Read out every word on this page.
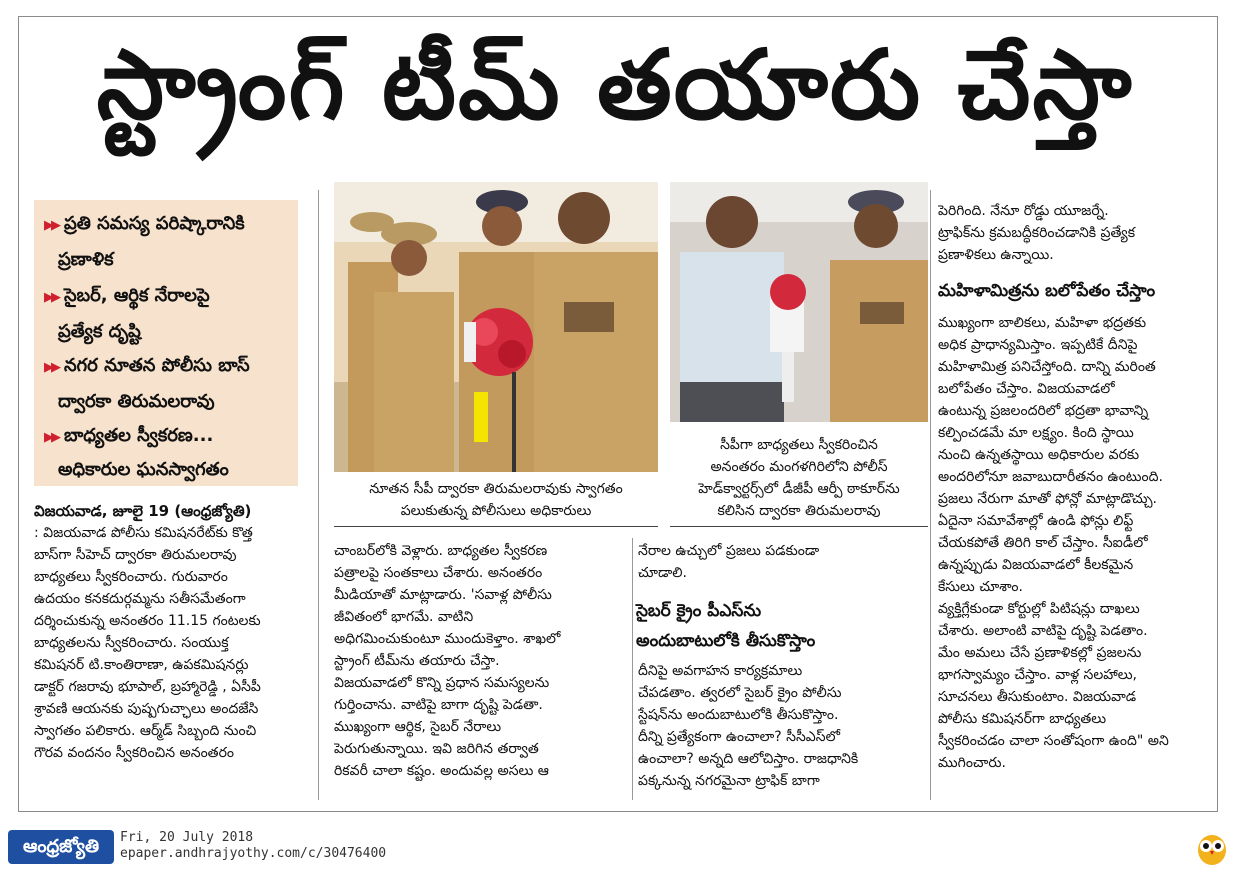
స్ట్రాంగ్ టీమ్ తయారు చేస్తా
▶▶ ప్రతి సమస్య పరిష్కారానికి
ప్రణాళిక
▶▶ సైబర్, ఆర్థిక నేరాలపై
ప్రత్యేక దృష్టి
▶▶ నగర నూతన పోలీసు బాస్
ద్వారకా తిరుమలరావు
▶▶ బాధ్యతల స్వీకరణ...
అధికారుల ఘనస్వాగతం
విజయవాడ, జూలై 19 (ఆంధ్రజ్యోతి)
: విజయవాడ పోలీసు కమిషనరేట్‌కు కొత్త
బాస్‌గా సీహెచ్ ద్వారకా తిరుమలరావు
బాధ్యతలు స్వీకరించారు. గురువారం
ఉదయం కనకదుర్గమ్మను సతీసమేతంగా
దర్శించుకున్న అనంతరం 11.15 గంటలకు
బాధ్యతలను స్వీకరించారు. సంయుక్త
కమిషనర్ టి.కాంతిరాణా, ఉపకమిషనర్లు
డాక్టర్ గజరావు భూపాల్, బ్రహ్మారెడ్డి , ఏసీపీ
శ్రావణి ఆయనకు పుష్పగుచ్ఛాలు అందజేసి
స్వాగతం పలికారు. ఆర్మ్‌డ్ సిబ్బంది నుంచి
గౌరవ వందనం స్వీకరించిన అనంతరం
నూతన సీపీ ద్వారకా తిరుమలరావుకు స్వాగతం
పలుకుతున్న పోలీసులు అధికారులు
సీపీగా బాధ్యతలు స్వీకరించిన
అనంతరం మంగళగిరిలోని పోలీస్
హెడ్‌క్వార్టర్స్‌లో డీజీపీ ఆర్పీ ఠాకూర్‌ను
కలిసిన ద్వారకా తిరుమలరావు
చాంబర్‌లోకి వెళ్లారు. బాధ్యతల స్వీకరణ
పత్రాలపై సంతకాలు చేశారు. అనంతరం
మీడియాతో మాట్లాడారు. 'సవాళ్ల పోలీసు
జీవితంలో భాగమే. వాటిని
అధిగమించుకుంటూ ముందుకెళ్తాం. శాఖలో
స్ట్రాంగ్ టీమ్‌ను తయారు చేస్తా.
విజయవాడలో కొన్ని ప్రధాన సమస్యలను
గుర్తించాను. వాటిపై బాగా దృష్టి పెడతా.
ముఖ్యంగా ఆర్థిక, సైబర్ నేరాలు
పెరుగుతున్నాయి. ఇవి జరిగిన తర్వాత
రికవరీ చాలా కష్టం. అందువల్ల అసలు ఆ
నేరాల ఉచ్చులో ప్రజలు పడకుండా
చూడాలి.
సైబర్ క్రైం పీఎస్‌ను
అందుబాటులోకి తీసుకొస్తాం
దీనిపై అవగాహన కార్యక్రమాలు
చేపడతాం. త్వరలో సైబర్ క్రైం పోలీసు
స్టేషన్‌ను అందుబాటులోకి తీసుకొస్తాం.
దీన్ని ప్రత్యేకంగా ఉంచాలా? సీసీఎస్‌లో
ఉంచాలా? అన్నది ఆలోచిస్తాం. రాజధానికి
పక్కనున్న నగరమైనా ట్రాఫిక్ బాగా
పెరిగింది. నేనూ రోడ్డు యూజర్నే.
ట్రాఫిక్‌ను క్రమబద్ధీకరించడానికి ప్రత్యేక
ప్రణాళికలు ఉన్నాయి.
మహిళామిత్రను బలోపేతం చేస్తాం
ముఖ్యంగా బాలికలు, మహిళా భద్రతకు
అధిక ప్రాధాన్యమిస్తాం. ఇప్పటికే దీనిపై
మహిళామిత్ర పనిచేస్తోంది. దాన్ని మరింత
బలోపేతం చేస్తాం. విజయవాడలో
ఉంటున్న ప్రజలందరిలో భద్రతా భావాన్ని
కల్పించడమే మా లక్ష్యం. కింది స్థాయి
నుంచి ఉన్నతస్థాయి అధికారుల వరకు
అందరిలోనూ జవాబుదారీతనం ఉంటుంది.
ప్రజలు నేరుగా మాతో ఫోన్లో మాట్లాడొచ్చు.
ఏదైనా సమావేశాల్లో ఉండి ఫోన్లు లిఫ్ట్
చేయకపోతే తిరిగి కాల్ చేస్తాం. సీఐడీలో
ఉన్నప్పుడు విజయవాడలో కీలకమైన
కేసులు చూశాం.
వ్యక్తిగ్లేకుండా కోర్టుల్లో పిటిషన్లు దాఖలు
చేశారు. అలాంటి వాటిపై దృష్టి పెడతాం.
మేం అమలు చేసే ప్రణాళికల్లో ప్రజలను
భాగస్వామ్యం చేస్తాం. వాళ్ల సలహాలు,
సూచనలు తీసుకుంటాం. విజయవాడ
పోలీసు కమిషనర్‌గా బాధ్యతలు
స్వీకరించడం చాలా సంతోషంగా ఉంది" అని
ముగించారు.
ఆంధ్రజ్యోతి	Fri, 20 July 2018
epaper.andhrajyothy.com/c/30476400
